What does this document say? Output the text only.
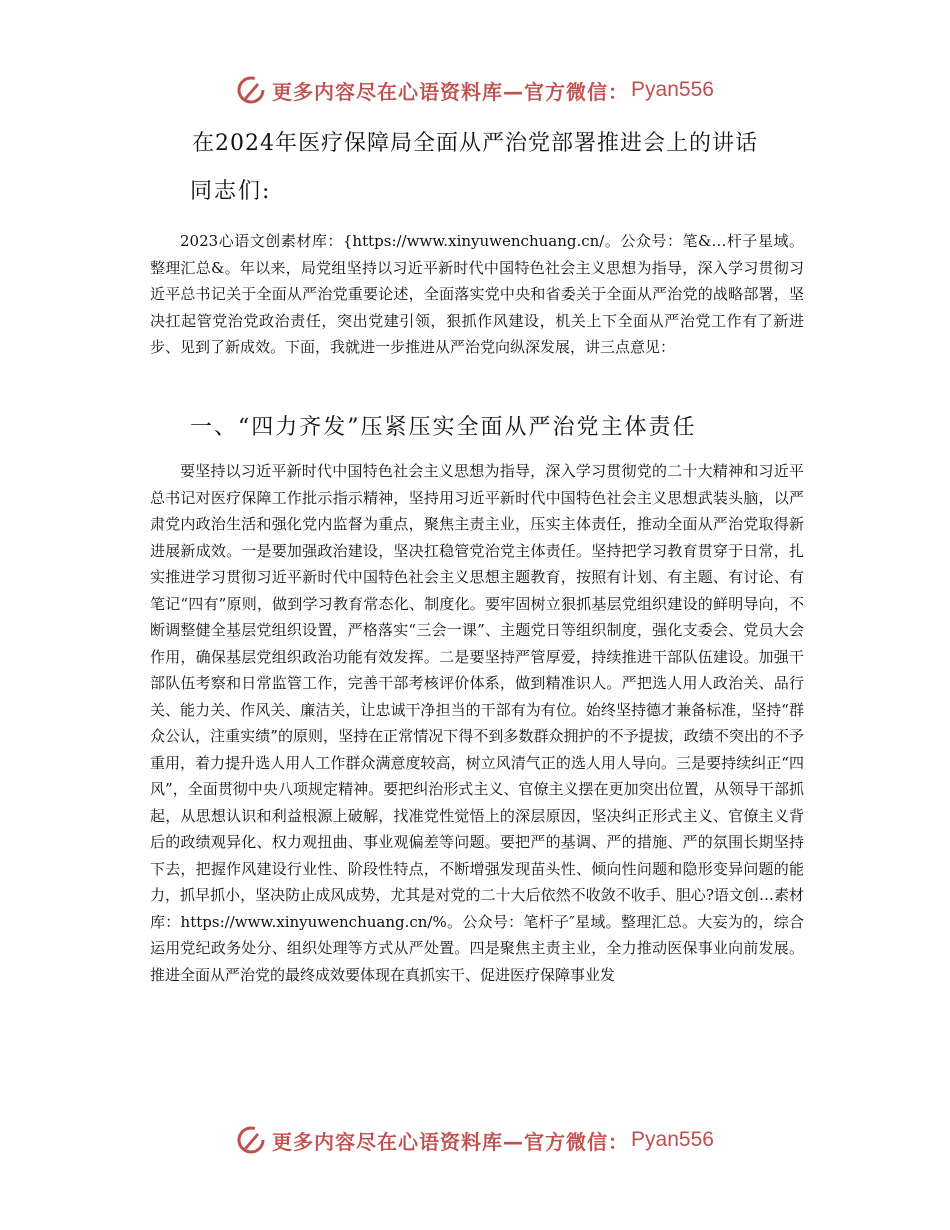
更多内容尽在心语资料库—官方微信： Pyan556
在2024年医疗保障局全面从严治党部署推进会上的讲话
同志们:

2023心语文创素材库：{https://www.xinyuwenchuang.cn/。公众号：笔&…杆子星域。整理汇总&。年以来，局党组坚持以习近平新时代中国特色社会主义思想为指导，深入学习贯彻习近平总书记关于全面从严治党重要论述，全面落实党中央和省委关于全面从严治党的战略部署，坚决扛起管党治党政治责任，突出党建引领，狠抓作风建设，机关上下全面从严治党工作有了新进步、见到了新成效。下面，我就进一步推进从严治党向纵深发展，讲三点意见：

一、“四力齐发”压紧压实全面从严治党主体责任

要坚持以习近平新时代中国特色社会主义思想为指导，深入学习贯彻党的二十大精神和习近平总书记对医疗保障工作批示指示精神，坚持用习近平新时代中国特色社会主义思想武装头脑，以严肃党内政治生活和强化党内监督为重点，聚焦主责主业，压实主体责任，推动全面从严治党取得新进展新成效。一是要加强政治建设，坚决扛稳管党治党主体责任。坚持把学习教育贯穿于日常，扎实推进学习贯彻习近平新时代中国特色社会主义思想主题教育，按照有计划、有主题、有讨论、有笔记“四有”原则，做到学习教育常态化、制度化。要牢固树立狠抓基层党组织建设的鲜明导向，不断调整健全基层党组织设置，严格落实“三会一课”、主题党日等组织制度，强化支委会、党员大会作用，确保基层党组织政治功能有效发挥。二是要坚持严管厚爱，持续推进干部队伍建设。加强干部队伍考察和日常监管工作，完善干部考核评价体系，做到精准识人。严把选人用人政治关、品行关、能力关、作风关、廉洁关，让忠诚干净担当的干部有为有位。始终坚持德才兼备标准，坚持“群众公认，注重实绩”的原则，坚持在正常情况下得不到多数群众拥护的不予提拔，政绩不突出的不予重用，着力提升选人用人工作群众满意度较高，树立风清气正的选人用人导向。三是要持续纠正“四风”，全面贯彻中央八项规定精神。要把纠治形式主义、官僚主义摆在更加突出位置，从领导干部抓起，从思想认识和利益根源上破解，找准党性觉悟上的深层原因，坚决纠正形式主义、官僚主义背后的政绩观异化、权力观扭曲、事业观偏差等问题。要把严的基调、严的措施、严的氛围长期坚持下去，把握作风建设行业性、阶段性特点，不断增强发现苗头性、倾向性问题和隐形变异问题的能力，抓早抓小，坚决防止成风成势，尤其是对党的二十大后依然不收敛不收手、胆心?语文创…素材库：https://www.xinyuwenchuang.cn/%。公众号：笔杆子″星域。整理汇总。大妄为的，综合运用党纪政务处分、组织处理等方式从严处置。四是聚焦主责主业，全力推动医保事业向前发展。推进全面从严治党的最终成效要体现在真抓实干、促进医疗保障事业发

更多内容尽在心语资料库—官方微信： Pyan556
